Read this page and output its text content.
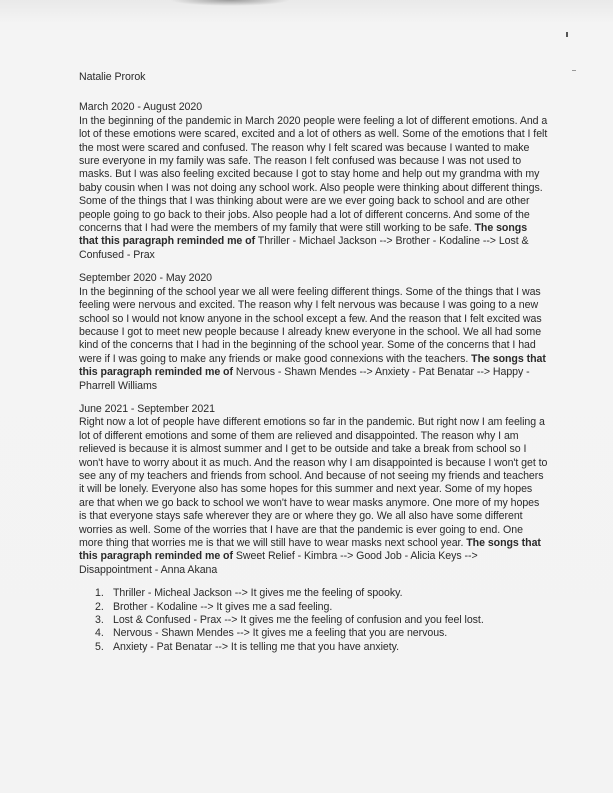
Natalie Prorok

March 2020 - August 2020

In the beginning of the pandemic in March 2020 people were feeling a lot of different emotions. And a lot of these emotions were scared, excited and a lot of others as well. Some of the emotions that I felt the most were scared and confused. The reason why I felt scared was because I wanted to make sure everyone in my family was safe. The reason I felt confused was because I was not used to masks. But I was also feeling excited because I got to stay home and help out my grandma with my baby cousin when I was not doing any school work. Also people were thinking about different things. Some of the things that I was thinking about were are we ever going back to school and are other people going to go back to their jobs. Also people had a lot of different concerns. And some of the concerns that I had were the members of my family that were still working to be safe. The songs that this paragraph reminded me of Thriller - Michael Jackson --> Brother - Kodaline --> Lost & Confused - Prax

September 2020 - May 2020

In the beginning of the school year we all were feeling different things. Some of the things that I was feeling were nervous and excited. The reason why I felt nervous was because I was going to a new school so I would not know anyone in the school except a few. And the reason that I felt excited was because I got to meet new people because I already knew everyone in the school. We all had some kind of the concerns that I had in the beginning of the school year. Some of the concerns that I had were if I was going to make any friends or make good connexions with the teachers. The songs that this paragraph reminded me of Nervous - Shawn Mendes --> Anxiety - Pat Benatar --> Happy - Pharrell Williams

June 2021 - September 2021

Right now a lot of people have different emotions so far in the pandemic. But right now I am feeling a lot of different emotions and some of them are relieved and disappointed. The reason why I am relieved is because it is almost summer and I get to be outside and take a break from school so I won't have to worry about it as much. And the reason why I am disappointed is because I won't get to see any of my teachers and friends from school. And because of not seeing my friends and teachers it will be lonely. Everyone also has some hopes for this summer and next year. Some of my hopes are that when we go back to school we won't have to wear masks anymore. One more of my hopes is that everyone stays safe wherever they are or where they go. We all also have some different worries as well. Some of the worries that I have are that the pandemic is ever going to end. One more thing that worries me is that we will still have to wear masks next school year. The songs that this paragraph reminded me of Sweet Relief - Kimbra --> Good Job - Alicia Keys --> Disappointment - Anna Akana

1. Thriller - Micheal Jackson --> It gives me the feeling of spooky.
2. Brother - Kodaline --> It gives me a sad feeling.
3. Lost & Confused - Prax --> It gives me the feeling of confusion and you feel lost.
4. Nervous - Shawn Mendes --> It gives me a feeling that you are nervous.
5. Anxiety - Pat Benatar --> It is telling me that you have anxiety.
